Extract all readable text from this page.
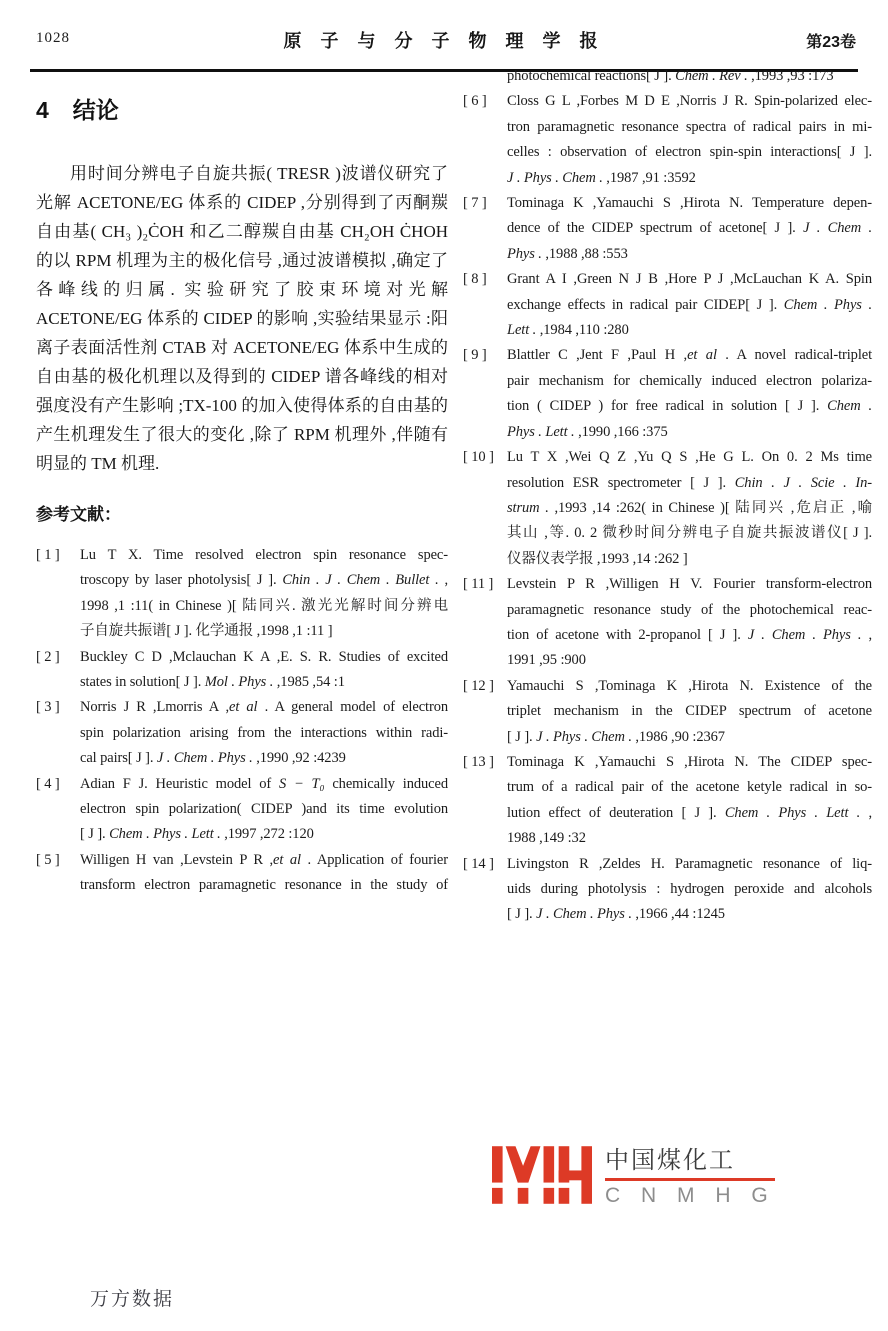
1028	原 子 与 分 子 物 理 学 报	第23卷
4 结论
用时间分辨电子自旋共振( TRESR )波谱仪研究了光解 ACETONE/EG 体系的 CIDEP ,分别得到了丙酮羰自由基( CH₃ )₂ĊOH 和乙二醇羰自由基 CH₂OH ĊHOH 的以 RPM 机理为主的极化信号 ,通过波谱模拟 ,确定了各峰线的归属. 实验研究了胶束环境对光解 ACETONE/EG 体系的 CIDEP 的影响 ,实验结果显示 :阳离子表面活性剂 CTAB 对 ACETONE/EG 体系中生成的自由基的极化机理以及得到的 CIDEP 谱各峰线的相对强度没有产生影响 ;TX-100 的加入使得体系的自由基的产生机理发生了很大的变化 ,除了 RPM 机理外 ,伴随有明显的 TM 机理.
参考文献：
[ 1 ] Lu T X. Time resolved electron spin resonance spec-
troscopy by laser photolysis[ J ]. Chin . J . Chem . Bullet . ,
1998 ,1 :11( in Chinese )[ 陆同兴. 激光光解时间分辨电
子自旋共振谱[ J ]. 化学通报 ,1998 ,1 :11 ]
[ 2 ] Buckley C D ,Mclauchan K A ,E. S. R. Studies of excited
states in solution[ J ]. Mol . Phys . ,1985 ,54 :1
[ 3 ] Norris J R ,Lmorris A ,et al . A general model of electron
spin polarization arising from the interactions within radi-
cal pairs[ J ]. J . Chem . Phys . ,1990 ,92 :4239
[ 4 ] Adian F J. Heuristic model of S − T₀ chemically induced
electron spin polarization( CIDEP )and its time evolution
[ J ]. Chem . Phys . Lett . ,1997 ,272 :120
[ 5 ] Willigen H van ,Levstein P R ,et al . Application of fourier
transform electron paramagnetic resonance in the study of
photochemical reactions[ J ]. Chem . Rev . ,1993 ,93 :173
[ 6 ] Closs G L ,Forbes M D E ,Norris J R. Spin-polarized elec-
tron paramagnetic resonance spectra of radical pairs in mi-
celles : observation of electron spin-spin interactions[ J ].
J . Phys . Chem . ,1987 ,91 :3592
[ 7 ] Tominaga K ,Yamauchi S ,Hirota N. Temperature depen-
dence of the CIDEP spectrum of acetone[ J ]. J . Chem .
Phys . ,1988 ,88 :553
[ 8 ] Grant A I ,Green N J B ,Hore P J ,McLauchan K A. Spin
exchange effects in radical pair CIDEP[ J ]. Chem . Phys .
Lett . ,1984 ,110 :280
[ 9 ] Blattler C ,Jent F ,Paul H ,et al . A novel radical-triplet
pair mechanism for chemically induced electron polariza-
tion ( CIDEP ) for free radical in solution [ J ]. Chem .
Phys . Lett . ,1990 ,166 :375
[ 10 ] Lu T X ,Wei Q Z ,Yu Q S ,He G L. On 0. 2 Ms time
resolution ESR spectrometer [ J ]. Chin . J . Scie . In-
strum . ,1993 ,14 :262( in Chinese )[ 陆同兴 ,危启正 ,喻
其山 ,等. 0. 2 微秒时间分辨电子自旋共振波谱仪[ J ].
仪器仪表学报 ,1993 ,14 :262 ]
[ 11 ] Levstein P R ,Willigen H V. Fourier transform-electron
paramagnetic resonance study of the photochemical reac-
tion of acetone with 2-propanol [ J ]. J . Chem . Phys . ,
1991 ,95 :900
[ 12 ] Yamauchi S ,Tominaga K ,Hirota N. Existence of the
triplet mechanism in the CIDEP spectrum of acetone
[ J ]. J . Phys . Chem . ,1986 ,90 :2367
[ 13 ] Tominaga K ,Yamauchi S ,Hirota N. The CIDEP spec-
trum of a radical pair of the acetone ketyle radical in so-
lution effect of deuteration [ J ]. Chem . Phys . Lett . ,
1988 ,149 :32
[ 14 ] Livingston R ,Zeldes H. Paramagnetic resonance of liq-
uids during photolysis : hydrogen peroxide and alcohols
[ J ]. J . Chem . Phys . ,1966 ,44 :1245
中国煤化工
C N M H G
万方数据
